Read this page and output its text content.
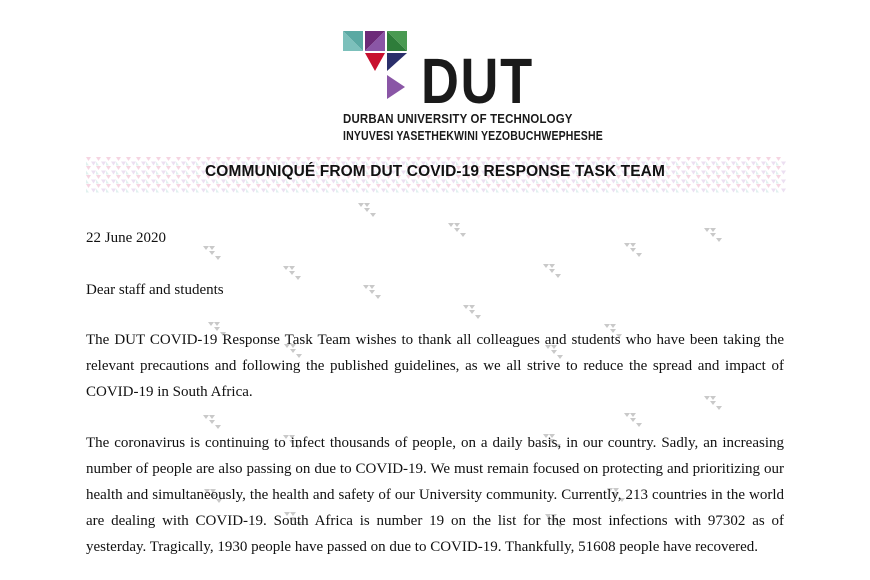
DUT
DURBAN UNIVERSITY OF TECHNOLOGY
INYUVESI YASETHEKWINI YEZOBUCHWEPHESHE
COMMUNIQUÉ FROM DUT COVID-19 RESPONSE TASK TEAM
22 June 2020
Dear staff and students

The DUT COVID-19 Response Task Team wishes to thank all colleagues and students who have been taking the relevant precautions and following the published guidelines, as we all strive to reduce the spread and impact of COVID-19 in South Africa.

The coronavirus is continuing to infect thousands of people, on a daily basis, in our country. Sadly, an increasing number of people are also passing on due to COVID-19. We must remain focused on protecting and prioritizing our health and simultaneously, the health and safety of our University community. Currently, 213 countries in the world are dealing with COVID-19. South Africa is number 19 on the list for the most infections with 97302 as of yesterday. Tragically, 1930 people have passed on due to COVID-19. Thankfully, 51608 people have recovered.
